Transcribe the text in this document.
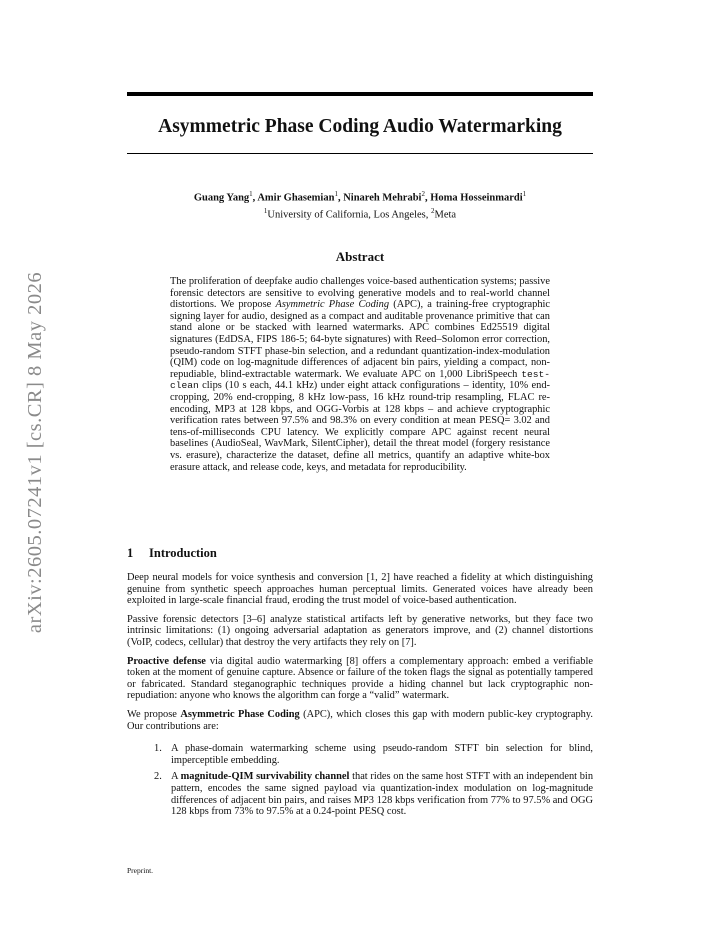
arXiv:2605.07241v1 [cs.CR] 8 May 2026
Asymmetric Phase Coding Audio Watermarking
Guang Yang$^1$, Amir Ghasemian$^1$, Ninareh Mehrabi$^2$, Homa Hosseinmardi$^1$
$^1$University of California, Los Angeles, $^2$Meta
Abstract

The proliferation of deepfake audio challenges voice-based authentication systems; passive forensic detectors are sensitive to evolving generative models and to real-world channel distortions. We propose Asymmetric Phase Coding (APC), a training-free cryptographic signing layer for audio, designed as a compact and auditable provenance primitive that can stand alone or be stacked with learned watermarks. APC combines Ed25519 digital signatures (EdDSA, FIPS 186-5; 64-byte signatures) with Reed–Solomon error correction, pseudo-random STFT phase-bin selection, and a redundant quantization-index-modulation (QIM) code on log-magnitude differences of adjacent bin pairs, yielding a compact, non-repudiable, blind-extractable watermark. We evaluate APC on 1,000 LibriSpeech test-clean clips (10 s each, 44.1 kHz) under eight attack configurations – identity, 10% end-cropping, 20% end-cropping, 8 kHz low-pass, 16 kHz round-trip resampling, FLAC re-encoding, MP3 at 128 kbps, and OGG-Vorbis at 128 kbps – and achieve cryptographic verification rates between 97.5% and 98.3% on every condition at mean PESQ= 3.02 and tens-of-milliseconds CPU latency. We explicitly compare APC against recent neural baselines (AudioSeal, WavMark, SilentCipher), detail the threat model (forgery resistance vs. erasure), characterize the dataset, define all metrics, quantify an adaptive white-box erasure attack, and release code, keys, and metadata for reproducibility.

1 Introduction

Deep neural models for voice synthesis and conversion [1, 2] have reached a fidelity at which distinguishing genuine from synthetic speech approaches human perceptual limits. Generated voices have already been exploited in large-scale financial fraud, eroding the trust model of voice-based authentication.

Passive forensic detectors [3–6] analyze statistical artifacts left by generative networks, but they face two intrinsic limitations: (1) ongoing adversarial adaptation as generators improve, and (2) channel distortions (VoIP, codecs, cellular) that destroy the very artifacts they rely on [7].

Proactive defense via digital audio watermarking [8] offers a complementary approach: embed a verifiable token at the moment of genuine capture. Absence or failure of the token flags the signal as potentially tampered or fabricated. Standard steganographic techniques provide a hiding channel but lack cryptographic non-repudiation: anyone who knows the algorithm can forge a “valid” watermark.

We propose Asymmetric Phase Coding (APC), which closes this gap with modern public-key cryptography. Our contributions are:

1. A phase-domain watermarking scheme using pseudo-random STFT bin selection for blind, imperceptible embedding.
2. A magnitude-QIM survivability channel that rides on the same host STFT with an independent bin pattern, encodes the same signed payload via quantization-index modulation on log-magnitude differences of adjacent bin pairs, and raises MP3 128 kbps verification from 77% to 97.5% and OGG 128 kbps from 73% to 97.5% at a 0.24-point PESQ cost.
Preprint.
